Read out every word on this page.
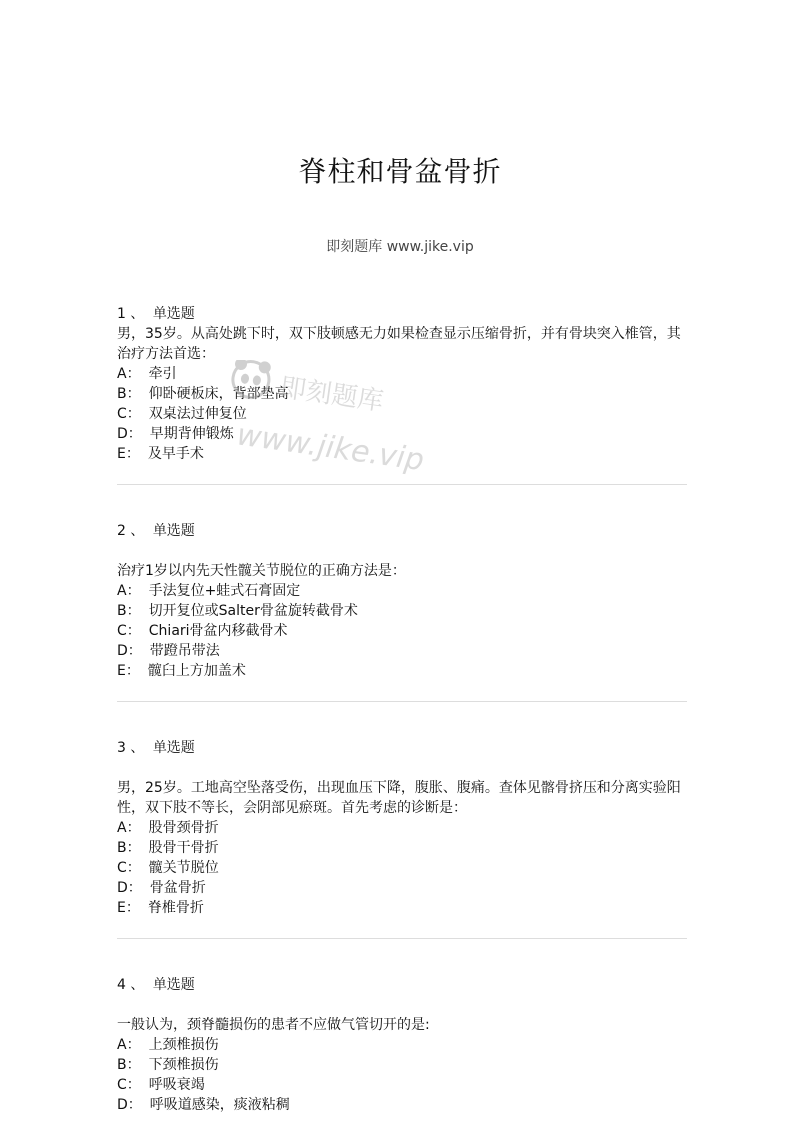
脊柱和骨盆骨折
即刻题库 www.jike.vip
1 、 单选题
男，35岁。从高处跳下时，双下肢顿感无力如果检查显示压缩骨折，并有骨块突入椎管，其治疗方法首选：
A： 牵引
B： 仰卧硬板床，背部垫高
C： 双桌法过伸复位
D： 早期背伸锻炼
E： 及早手术
2 、 单选题
治疗1岁以内先天性髋关节脱位的正确方法是：
A： 手法复位+蛙式石膏固定
B： 切开复位或Salter骨盆旋转截骨术
C： Chiari骨盆内移截骨术
D： 带蹬吊带法
E： 髋臼上方加盖术
3 、 单选题
男，25岁。工地高空坠落受伤，出现血压下降，腹胀、腹痛。查体见髂骨挤压和分离实验阳性，双下肢不等长，会阴部见瘀斑。首先考虑的诊断是：
A： 股骨颈骨折
B： 股骨干骨折
C： 髋关节脱位
D： 骨盆骨折
E： 脊椎骨折
4 、 单选题
一般认为，颈脊髓损伤的患者不应做气管切开的是:
A： 上颈椎损伤
B： 下颈椎损伤
C： 呼吸衰竭
D： 呼吸道感染，痰液粘稠
即刻题库
www.jike.vip
